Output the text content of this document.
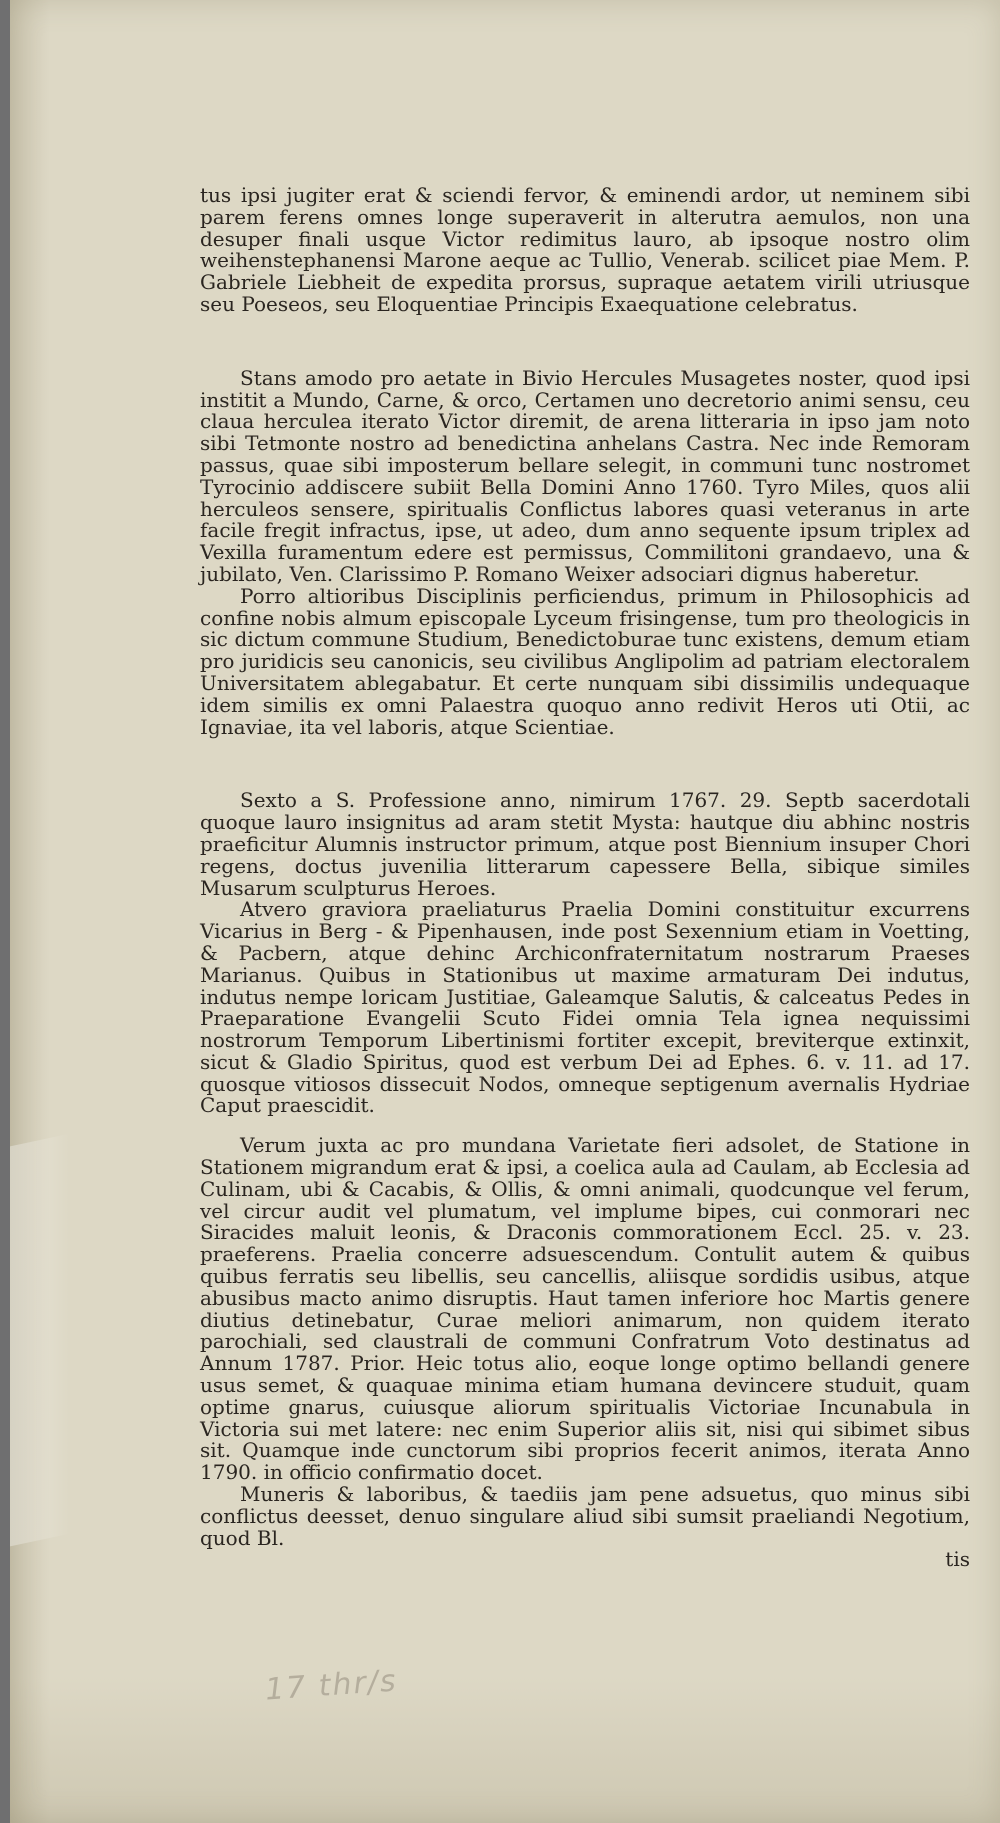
tus ipsi jugiter erat & sciendi fervor, & eminendi ardor, ut neminem sibi parem ferens omnes longe superaverit in alterutra aemulos, non una desuper finali usque Victor redimitus lauro, ab ipsoque nostro olim weihenstephanensi Marone aeque ac Tullio, Venerab. scilicet piae Mem. P. Gabriele Liebheit de expedita prorsus, supraque aetatem virili utriusque seu Poeseos, seu Eloquentiae Principis Exaequatione celebratus.

Stans amodo pro aetate in Bivio Hercules Musagetes noster, quod ipsi institit a Mundo, Carne, & orco, Certamen uno decretorio animi sensu, ceu claua herculea iterato Victor diremit, de arena litteraria in ipso jam noto sibi Tetmonte nostro ad benedictina anhelans Castra. Nec inde Remoram passus, quae sibi imposterum bellare selegit, in communi tunc nostromet Tyrocinio addiscere subiit Bella Domini Anno 1760. Tyro Miles, quos alii herculeos sensere, spiritualis Conflictus labores quasi veteranus in arte facile fregit infractus, ipse, ut adeo, dum anno sequente ipsum triplex ad Vexilla furamentum edere est permissus, Commilitoni grandaevo, una & jubilato, Ven. Clarissimo P. Romano Weixer adsociari dignus haberetur.

Porro altioribus Disciplinis perficiendus, primum in Philosophicis ad confine nobis almum episcopale Lyceum frisingense, tum pro theologicis in sic dictum commune Studium, Benedictoburae tunc existens, demum etiam pro juridicis seu canonicis, seu civilibus Anglipolim ad patriam electoralem Universitatem ablegabatur. Et certe nunquam sibi dissimilis undequaque idem similis ex omni Palaestra quoquo anno redivit Heros uti Otii, ac Ignaviae, ita vel laboris, atque Scientiae.

Sexto a S. Professione anno, nimirum 1767. 29. Septb sacerdotali quoque lauro insignitus ad aram stetit Mysta: hautque diu abhinc nostris praeficitur Alumnis instructor primum, atque post Biennium insuper Chori regens, doctus juvenilia litterarum capessere Bella, sibique similes Musarum sculpturus Heroes.

Atvero graviora praeliaturus Praelia Domini constituitur excurrens Vicarius in Berg - & Pipenhausen, inde post Sexennium etiam in Voetting, & Pacbern, atque dehinc Archiconfraternitatum nostrarum Praeses Marianus. Quibus in Stationibus ut maxime armaturam Dei indutus, indutus nempe loricam Justitiae, Galeamque Salutis, & calceatus Pedes in Praeparatione Evangelii Scuto Fidei omnia Tela ignea nequissimi nostrorum Temporum Libertinismi fortiter excepit, breviterque extinxit, sicut & Gladio Spiritus, quod est verbum Dei ad Ephes. 6. v. 11. ad 17. quosque vitiosos dissecuit Nodos, omneque septigenum avernalis Hydriae Caput praescidit.

Verum juxta ac pro mundana Varietate fieri adsolet, de Statione in Stationem migrandum erat & ipsi, a coelica aula ad Caulam, ab Ecclesia ad Culinam, ubi & Cacabis, & Ollis, & omni animali, quodcunque vel ferum, vel circur audit vel plumatum, vel implume bipes, cui conmorari nec Siracides maluit leonis, & Draconis commorationem Eccl. 25. v. 23. praeferens. Praelia concerre adsuescendum. Contulit autem & quibus quibus ferratis seu libellis, seu cancellis, aliisque sordidis usibus, atque abusibus macto animo disruptis. Haut tamen inferiore hoc Martis genere diutius detinebatur, Curae meliori animarum, non quidem iterato parochiali, sed claustrali de communi Confratrum Voto destinatus ad Annum 1787. Prior. Heic totus alio, eoque longe optimo bellandi genere usus semet, & quaquae minima etiam humana devincere studuit, quam optime gnarus, cuiusque aliorum spiritualis Victoriae Incunabula in Victoria sui met latere: nec enim Superior aliis sit, nisi qui sibimet sibus sit. Quamque inde cunctorum sibi proprios fecerit animos, iterata Anno 1790. in officio confirmatio docet.

Muneris & laboribus, & taediis jam pene adsuetus, quo minus sibi conflictus deesset, denuo singulare aliud sibi sumsit praeliandi Negotium, quod Bl.

tis
17 thr/s
